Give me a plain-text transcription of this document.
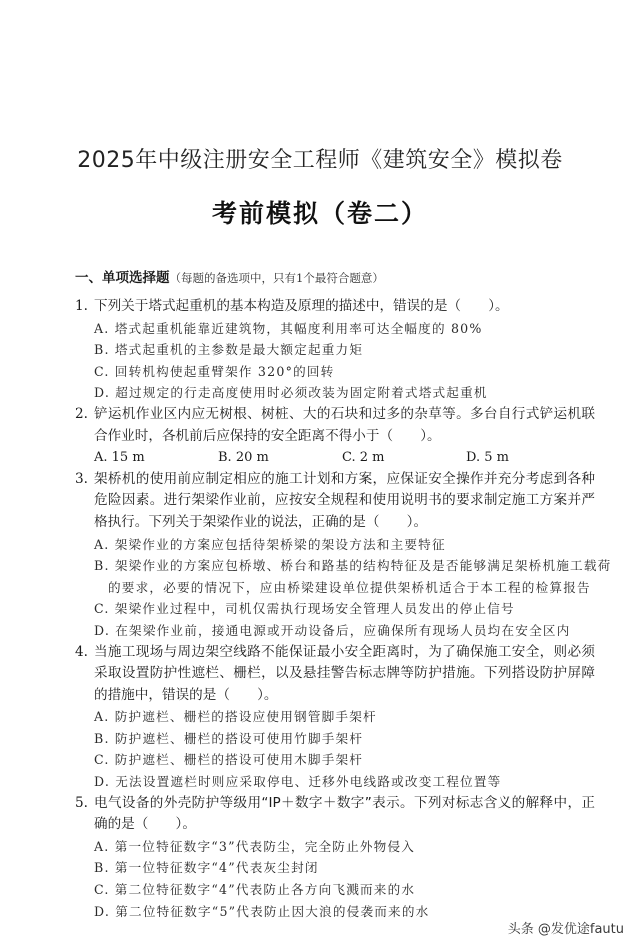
2025年中级注册安全工程师《建筑安全》模拟卷
考前模拟（卷二）
一、单项选择题（每题的备选项中，只有1个最符合题意）
1. 下列关于塔式起重机的基本构造及原理的描述中，错误的是（　　）。
A. 塔式起重机能靠近建筑物，其幅度利用率可达全幅度的 80%
B. 塔式起重机的主参数是最大额定起重力矩
C. 回转机构使起重臂架作 320°的回转
D. 超过规定的行走高度使用时必须改装为固定附着式塔式起重机
2. 铲运机作业区内应无树根、树桩、大的石块和过多的杂草等。多台自行式铲运机联合作业时，各机前后应保持的安全距离不得小于（　　）。
A. 15 m	B. 20 m	C. 2 m	D. 5 m
3. 架桥机的使用前应制定相应的施工计划和方案，应保证安全操作并充分考虑到各种危险因素。进行架梁作业前，应按安全规程和使用说明书的要求制定施工方案并严格执行。下列关于架梁作业的说法，正确的是（　　）。
A. 架梁作业的方案应包括待架桥梁的架设方法和主要特征
B. 架梁作业的方案应包桥墩、桥台和路基的结构特征及是否能够满足架桥机施工载荷
的要求，必要的情况下，应由桥梁建设单位提供架桥机适合于本工程的检算报告
C. 架梁作业过程中，司机仅需执行现场安全管理人员发出的停止信号
D. 在架梁作业前，接通电源或开动设备后，应确保所有现场人员均在安全区内
4. 当施工现场与周边架空线路不能保证最小安全距离时，为了确保施工安全，则必须采取设置防护性遮栏、栅栏，以及悬挂警告标志牌等防护措施。下列搭设防护屏障的措施中，错误的是（　　）。
A. 防护遮栏、栅栏的搭设应使用钢管脚手架杆
B. 防护遮栏、栅栏的搭设可使用竹脚手架杆
C. 防护遮栏、栅栏的搭设可使用木脚手架杆
D. 无法设置遮栏时则应采取停电、迁移外电线路或改变工程位置等
5. 电气设备的外壳防护等级用“IP＋数字＋数字”表示。下列对标志含义的解释中，正确的是（　　）。
A. 第一位特征数字“3”代表防尘，完全防止外物侵入
B. 第一位特征数字“4”代表灰尘封闭
C. 第二位特征数字“4”代表防止各方向飞溅而来的水
D. 第二位特征数字“5”代表防止因大浪的侵袭而来的水
头条 @发优途fautu
